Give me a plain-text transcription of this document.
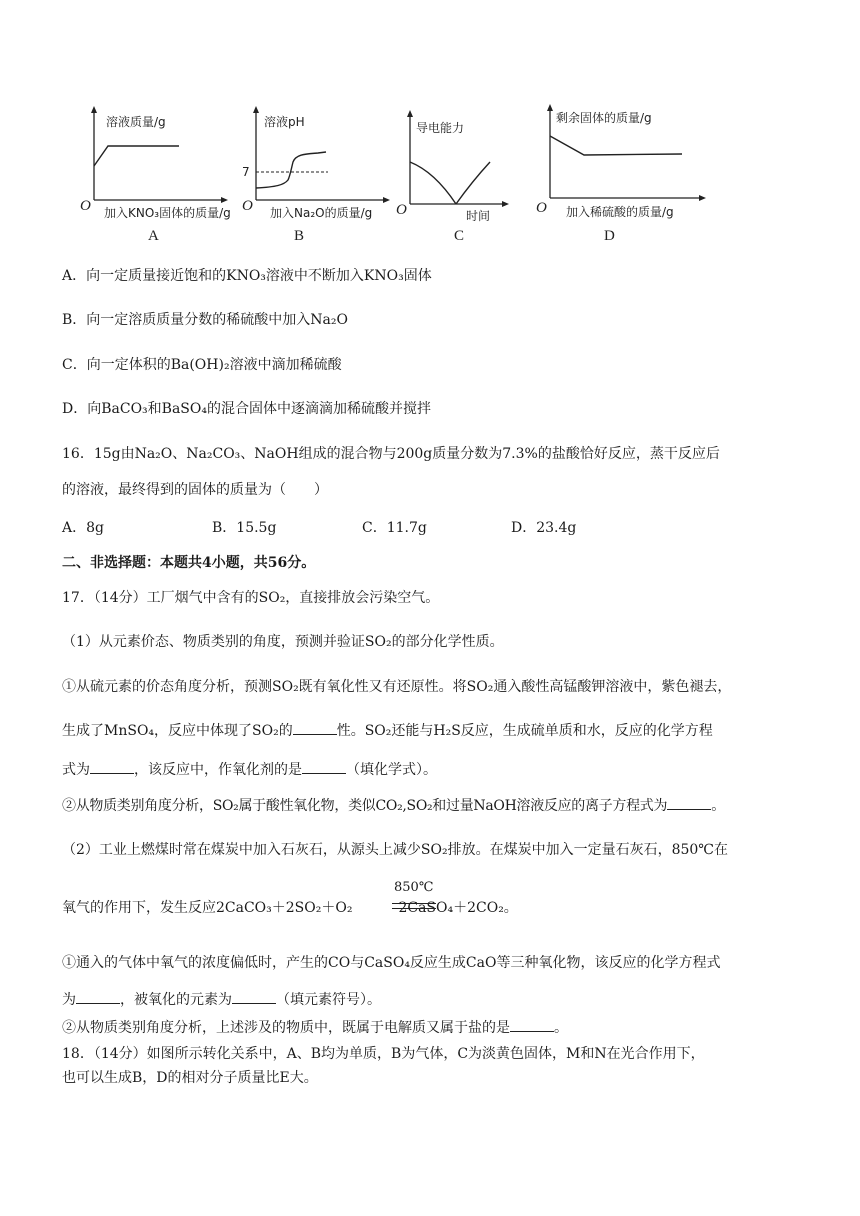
溶液质量/g
O 加入KNO₃固体的质量/g
A
7
溶液pH
O 加入Na₂O的质量/g
B
导电能力
O	时间
C
剩余固体的质量/g
O 加入稀硫酸的质量/g
D
A．向一定质量接近饱和的KNO₃溶液中不断加入KNO₃固体
B．向一定溶质质量分数的稀硫酸中加入Na₂O
C．向一定体积的Ba(OH)₂溶液中滴加稀硫酸
D．向BaCO₃和BaSO₄的混合固体中逐滴滴加稀硫酸并搅拌
16．15g由Na₂O、Na₂CO₃、NaOH组成的混合物与200g质量分数为7.3%的盐酸恰好反应，蒸干反应后
的溶液，最终得到的固体的质量为（　　）
A．8g	B．15.5g	C．11.7g	D．23.4g
二、非选择题：本题共4小题，共56分。
17．（14分）工厂烟气中含有的SO₂，直接排放会污染空气。
（1）从元素价态、物质类别的角度，预测并验证SO₂的部分化学性质。
①从硫元素的价态角度分析，预测SO₂既有氧化性又有还原性。将SO₂通入酸性高锰酸钾溶液中，紫色褪去，
生成了MnSO₄，反应中体现了SO₂的	性。SO₂还能与H₂S反应，生成硫单质和水，反应的化学方程
式为	，该反应中，作氧化剂的是	（填化学式）。
②从物质类别角度分析，SO₂属于酸性氧化物，类似CO₂,SO₂和过量NaOH溶液反应的离子方程式为	。
（2）工业上燃煤时常在煤炭中加入石灰石，从源头上减少SO₂排放。在煤炭中加入一定量石灰石，850℃在
850℃
氧气的作用下，发生反应2CaCO₃＋2SO₂＋O₂	2CaSO₄＋2CO₂。
①通入的气体中氧气的浓度偏低时，产生的CO与CaSO₄反应生成CaO等三种氧化物，该反应的化学方程式
为	，被氧化的元素为	（填元素符号）。
②从物质类别角度分析，上述涉及的物质中，既属于电解质又属于盐的是	。
18．（14分）如图所示转化关系中，A、B均为单质，B为气体，C为淡黄色固体，M和N在光合作用下，
也可以生成B，D的相对分子质量比E大。
